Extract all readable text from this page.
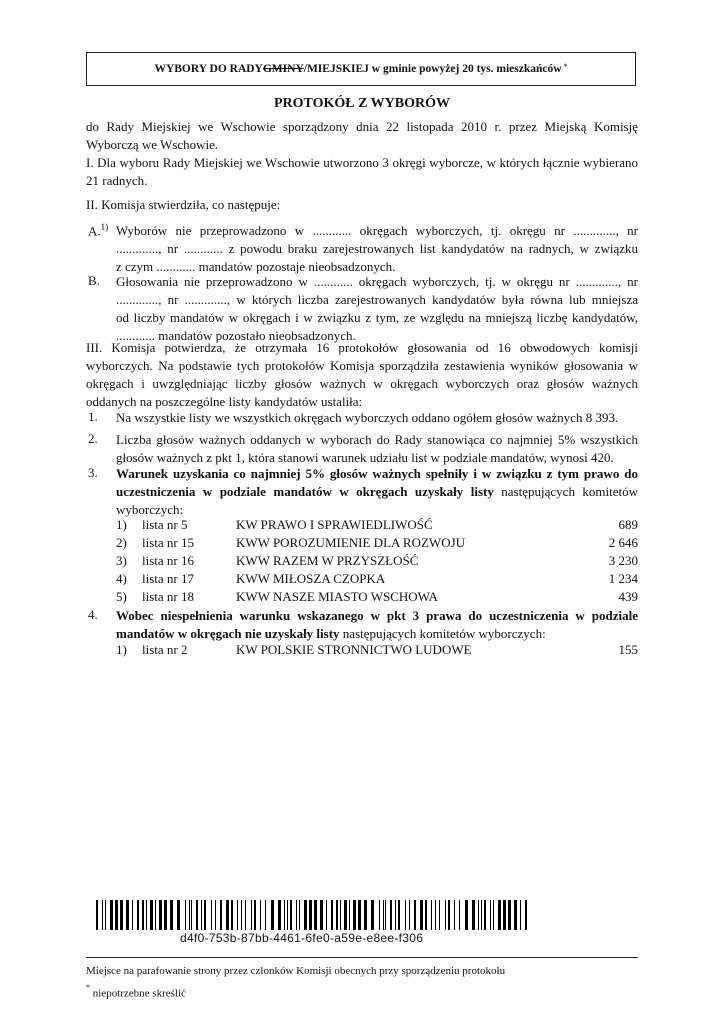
WYBORY DO RADY GMINY /MIEJSKIEJ w gminie powyżej 20 tys. mieszkańców *
PROTOKÓŁ Z WYBORÓW
do Rady Miejskiej we Wschowie sporządzony dnia 22 listopada 2010 r. przez Miejską Komisję Wyborczą we Wschowie.
I. Dla wyboru Rady Miejskiej we Wschowie utworzono 3 okręgi wyborcze, w których łącznie wybierano 21 radnych.
II. Komisja stwierdziła, co następuje:
A.$^{1)}$ Wyborów nie przeprowadzono w ............ okręgach wyborczych, tj. okręgu nr ............., nr
............., nr ............ z powodu braku zarejestrowanych list kandydatów na radnych, w związku
z czym ............ mandatów pozostaje nieobsadzonych.
B. Głosowania nie przeprowadzono w ............ okręgach wyborczych, tj. w okręgu nr ............., nr
............., nr ............., w których liczba zarejestrowanych kandydatów była równa lub mniejsza
od liczby mandatów w okręgach i w związku z tym, ze względu na mniejszą liczbę kandydatów,
............ mandatów pozostało nieobsadzonych.
III. Komisja potwierdza, że otrzymała 16 protokołów głosowania od 16 obwodowych komisji wyborczych. Na podstawie tych protokołów Komisja sporządziła zestawienia wyników głosowania w okręgach i uwzględniając liczby głosów ważnych w okręgach wyborczych oraz głosów ważnych oddanych na poszczególne listy kandydatów ustaliła:
1. Na wszystkie listy we wszystkich okręgach wyborczych oddano ogółem głosów ważnych 8 393.
2. Liczba głosów ważnych oddanych w wyborach do Rady stanowiąca co najmniej 5% wszystkich głosów ważnych z pkt 1, która stanowi warunek udziału list w podziale mandatów, wynosi 420.
3. Warunek uzyskania co najmniej 5% głosów ważnych spełniły i w związku z tym prawo do uczestniczenia w podziale mandatów w okręgach uzyskały listy następujących komitetów wyborczych:
1) lista nr 5	KW PRAWO I SPRAWIEDLIWOŚĆ	689
2) lista nr 15	KWW POROZUMIENIE DLA ROZWOJU	2 646
3) lista nr 16	KWW RAZEM W PRZYSZŁOŚĆ	3 230
4) lista nr 17	KWW MIŁOSZA CZOPKA	1 234
5) lista nr 18	KWW NASZE MIASTO WSCHOWA	439
4. Wobec niespełnienia warunku wskazanego w pkt 3 prawa do uczestniczenia w podziale mandatów w okręgach nie uzyskały listy następujących komitetów wyborczych:
1) lista nr 2	KW POLSKIE STRONNICTWO LUDOWE	155
d4f0-753b-87bb-4461-6fe0-a59e-e8ee-f306
Miejsce na parafowanie strony przez członków Komisji obecnych przy sporządzeniu protokołu
* niepotrzebne skreślić
